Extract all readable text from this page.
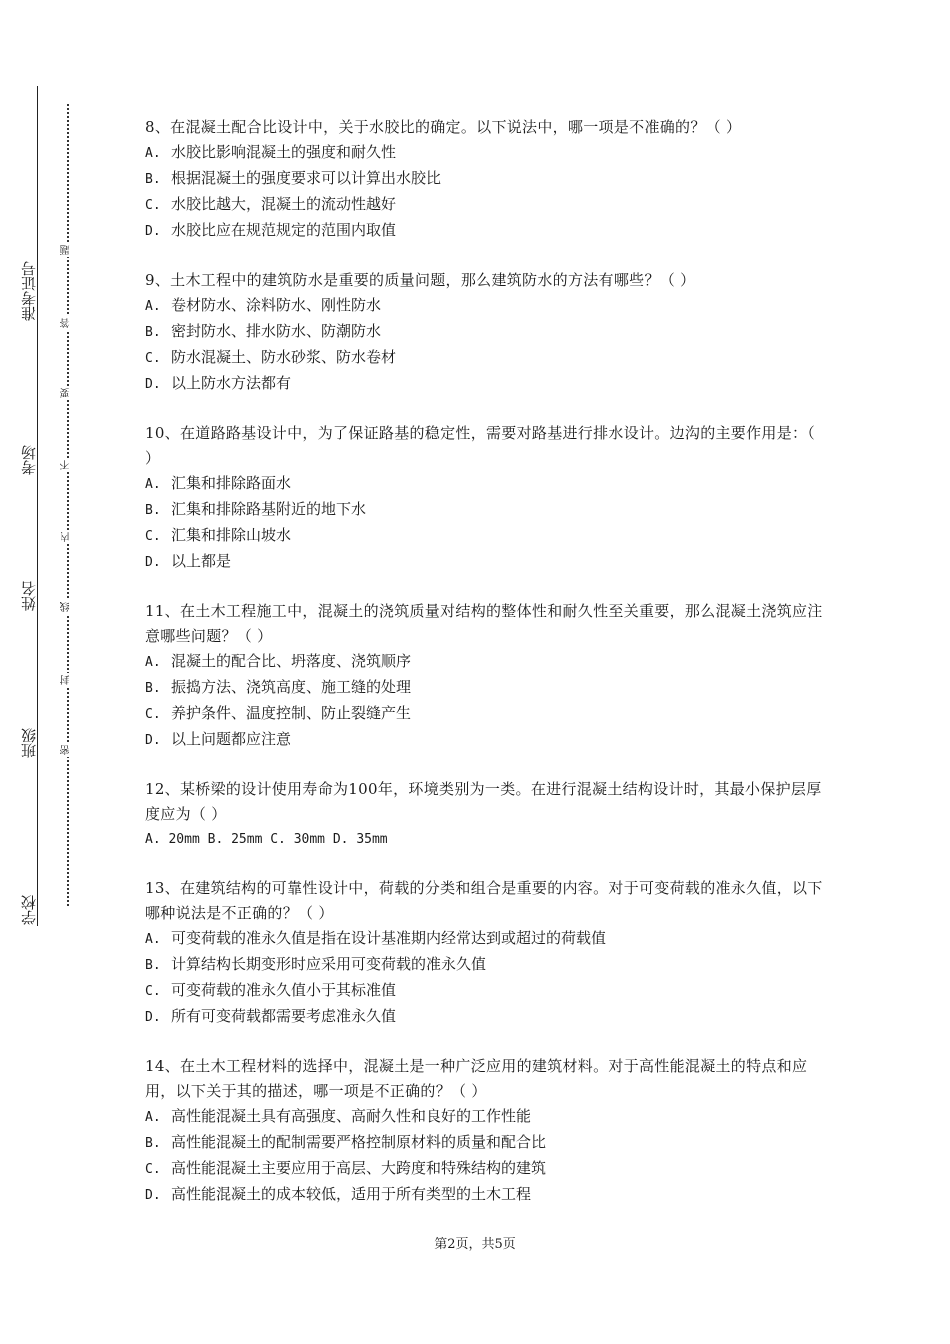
准考证号
考场
姓名
班级
学校
题
答
要
不
内
线
封
密

8、在混凝土配合比设计中，关于水胶比的确定。以下说法中，哪一项是不准确的？（ ）

A. 水胶比影响混凝土的强度和耐久性

B. 根据混凝土的强度要求可以计算出水胶比

C. 水胶比越大，混凝土的流动性越好

D. 水胶比应在规范规定的范围内取值

9、土木工程中的建筑防水是重要的质量问题，那么建筑防水的方法有哪些？（ ）

A. 卷材防水、涂料防水、刚性防水

B. 密封防水、排水防水、防潮防水

C. 防水混凝土、防水砂浆、防水卷材

D. 以上防水方法都有

10、在道路路基设计中，为了保证路基的稳定性，需要对路基进行排水设计。边沟的主要作用是：（ ）

A. 汇集和排除路面水

B. 汇集和排除路基附近的地下水

C. 汇集和排除山坡水

D. 以上都是

11、在土木工程施工中，混凝土的浇筑质量对结构的整体性和耐久性至关重要，那么混凝土浇筑应注意哪些问题？（ ）

A. 混凝土的配合比、坍落度、浇筑顺序

B. 振捣方法、浇筑高度、施工缝的处理

C. 养护条件、温度控制、防止裂缝产生

D. 以上问题都应注意

12、某桥梁的设计使用寿命为100年，环境类别为一类。在进行混凝土结构设计时，其最小保护层厚度应为（ ）

A. 20mm B. 25mm C. 30mm D. 35mm

13、在建筑结构的可靠性设计中，荷载的分类和组合是重要的内容。对于可变荷载的准永久值，以下哪种说法是不正确的？（ ）

A. 可变荷载的准永久值是指在设计基准期内经常达到或超过的荷载值

B. 计算结构长期变形时应采用可变荷载的准永久值

C. 可变荷载的准永久值小于其标准值

D. 所有可变荷载都需要考虑准永久值

14、在土木工程材料的选择中，混凝土是一种广泛应用的建筑材料。对于高性能混凝土的特点和应用，以下关于其的描述，哪一项是不正确的？（ ）

A. 高性能混凝土具有高强度、高耐久性和良好的工作性能

B. 高性能混凝土的配制需要严格控制原材料的质量和配合比

C. 高性能混凝土主要应用于高层、大跨度和特殊结构的建筑

D. 高性能混凝土的成本较低，适用于所有类型的土木工程

第2页，共5页
